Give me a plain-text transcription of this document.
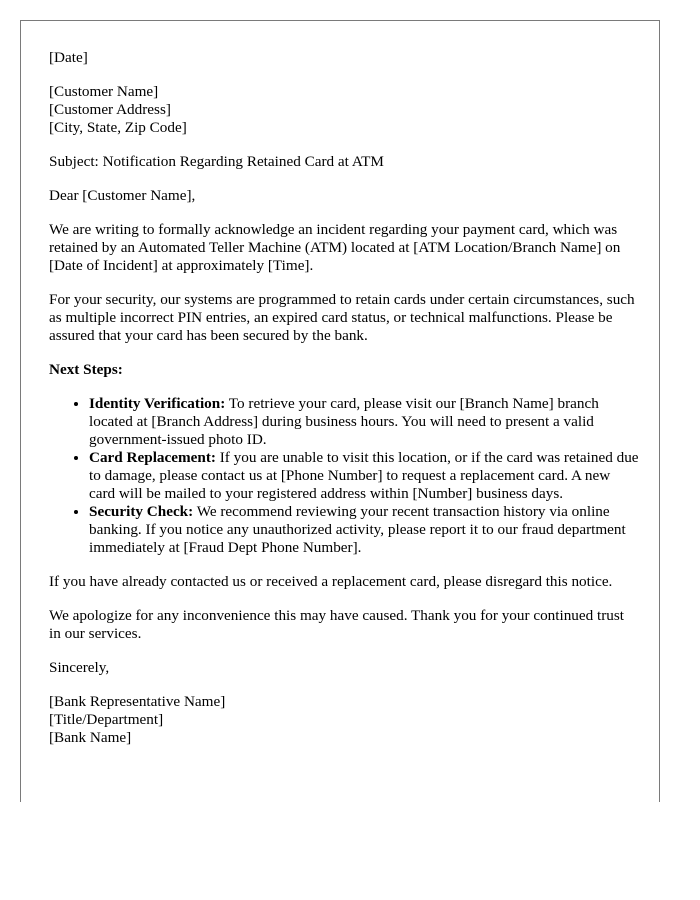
[Date]

[Customer Name]
[Customer Address]
[City, State, Zip Code]

Subject: Notification Regarding Retained Card at ATM

Dear [Customer Name],

We are writing to formally acknowledge an incident regarding your payment card, which was retained by an Automated Teller Machine (ATM) located at [ATM Location/Branch Name] on [Date of Incident] at approximately [Time].

For your security, our systems are programmed to retain cards under certain circumstances, such as multiple incorrect PIN entries, an expired card status, or technical malfunctions. Please be assured that your card has been secured by the bank.

Next Steps:

• Identity Verification: To retrieve your card, please visit our [Branch Name] branch located at [Branch Address] during business hours. You will need to present a valid government-issued photo ID.
• Card Replacement: If you are unable to visit this location, or if the card was retained due to damage, please contact us at [Phone Number] to request a replacement card. A new card will be mailed to your registered address within [Number] business days.
• Security Check: We recommend reviewing your recent transaction history via online banking. If you notice any unauthorized activity, please report it to our fraud department immediately at [Fraud Dept Phone Number].

If you have already contacted us or received a replacement card, please disregard this notice.

We apologize for any inconvenience this may have caused. Thank you for your continued trust in our services.

Sincerely,

[Bank Representative Name]
[Title/Department]
[Bank Name]
